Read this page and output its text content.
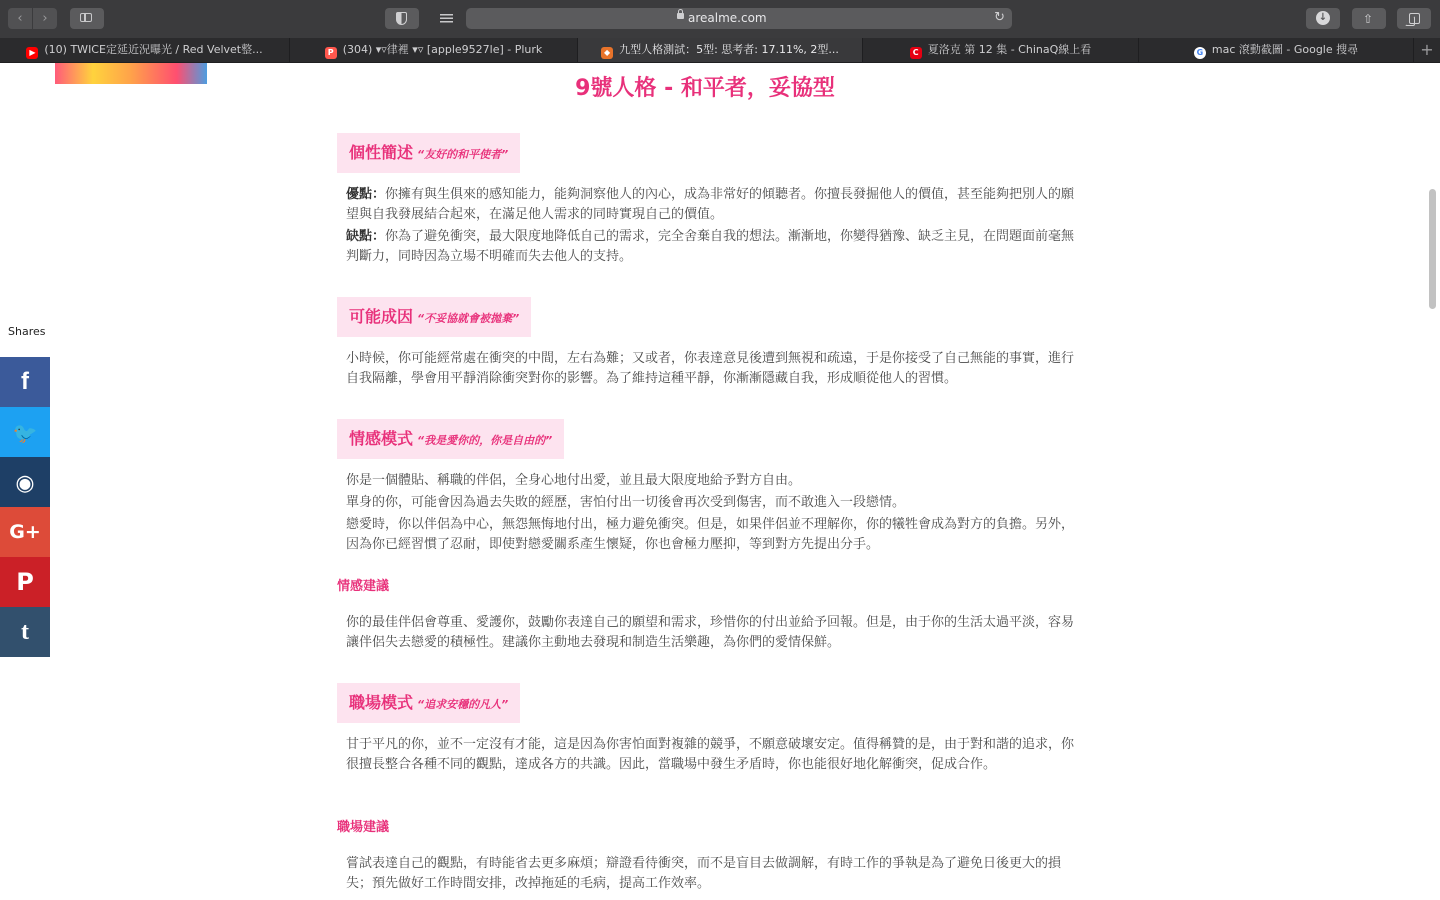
‹	›	arealme.com	↻	↓	⇧
G mac 滾動截圖 - Google 搜尋
C 夏洛克 第 12 集 - ChinaQ線上看
◆ 九型人格測試：5型: 思考者: 17.11%, 2型...
P (304) ▾▿律裡 ▾▿ [apple9527le] - Plurk
▶ (10) TWICE定延近況曝光 / Red Velvet整...	+
9號人格 - 和平者，妥協型
個性簡述 “友好的和平使者”
優點：你擁有與生俱來的感知能力，能夠洞察他人的內心，成為非常好的傾聽者。你擅長發掘他人的價值，甚至能夠把別人的願望與自我發展結合起來，在滿足他人需求的同時實現自己的價值。
缺點：你為了避免衝突，最大限度地降低自己的需求，完全舍棄自我的想法。漸漸地，你變得猶豫、缺乏主見，在問題面前毫無判斷力，同時因為立場不明確而失去他人的支持。
可能成因 “不妥協就會被拋棄”
小時候，你可能經常處在衝突的中間，左右為難；又或者，你表達意見後遭到無視和疏遠，于是你接受了自己無能的事實，進行自我隔離，學會用平靜消除衝突對你的影響。為了維持這種平靜，你漸漸隱藏自我，形成順從他人的習慣。
情感模式 “我是愛你的，你是自由的”
你是一個體貼、稱職的伴侶，全身心地付出愛，並且最大限度地給予對方自由。
單身的你，可能會因為過去失敗的經歷，害怕付出一切後會再次受到傷害，而不敢進入一段戀情。
戀愛時，你以伴侶為中心，無怨無悔地付出，極力避免衝突。但是，如果伴侶並不理解你，你的犧牲會成為對方的負擔。另外，因為你已經習慣了忍耐，即使對戀愛關系產生懷疑，你也會極力壓抑，等到對方先提出分手。
情感建議
你的最佳伴侶會尊重、愛護你，鼓勵你表達自己的願望和需求，珍惜你的付出並給予回報。但是，由于你的生活太過平淡，容易讓伴侶失去戀愛的積極性。建議你主動地去發現和制造生活樂趣，為你們的愛情保鮮。
職場模式 “追求安穩的凡人”
甘于平凡的你，並不一定沒有才能，這是因為你害怕面對複雜的競爭，不願意破壞安定。值得稱贊的是，由于對和諧的追求，你很擅長整合各種不同的觀點，達成各方的共識。因此，當職場中發生矛盾時，你也能很好地化解衝突，促成合作。
職場建議
嘗試表達自己的觀點，有時能省去更多麻煩；辯證看待衝突，而不是盲目去做調解，有時工作的爭執是為了避免日後更大的損失；預先做好工作時間安排，改掉拖延的毛病，提高工作效率。
Shares
f
🐦
◉
G+
P
t
